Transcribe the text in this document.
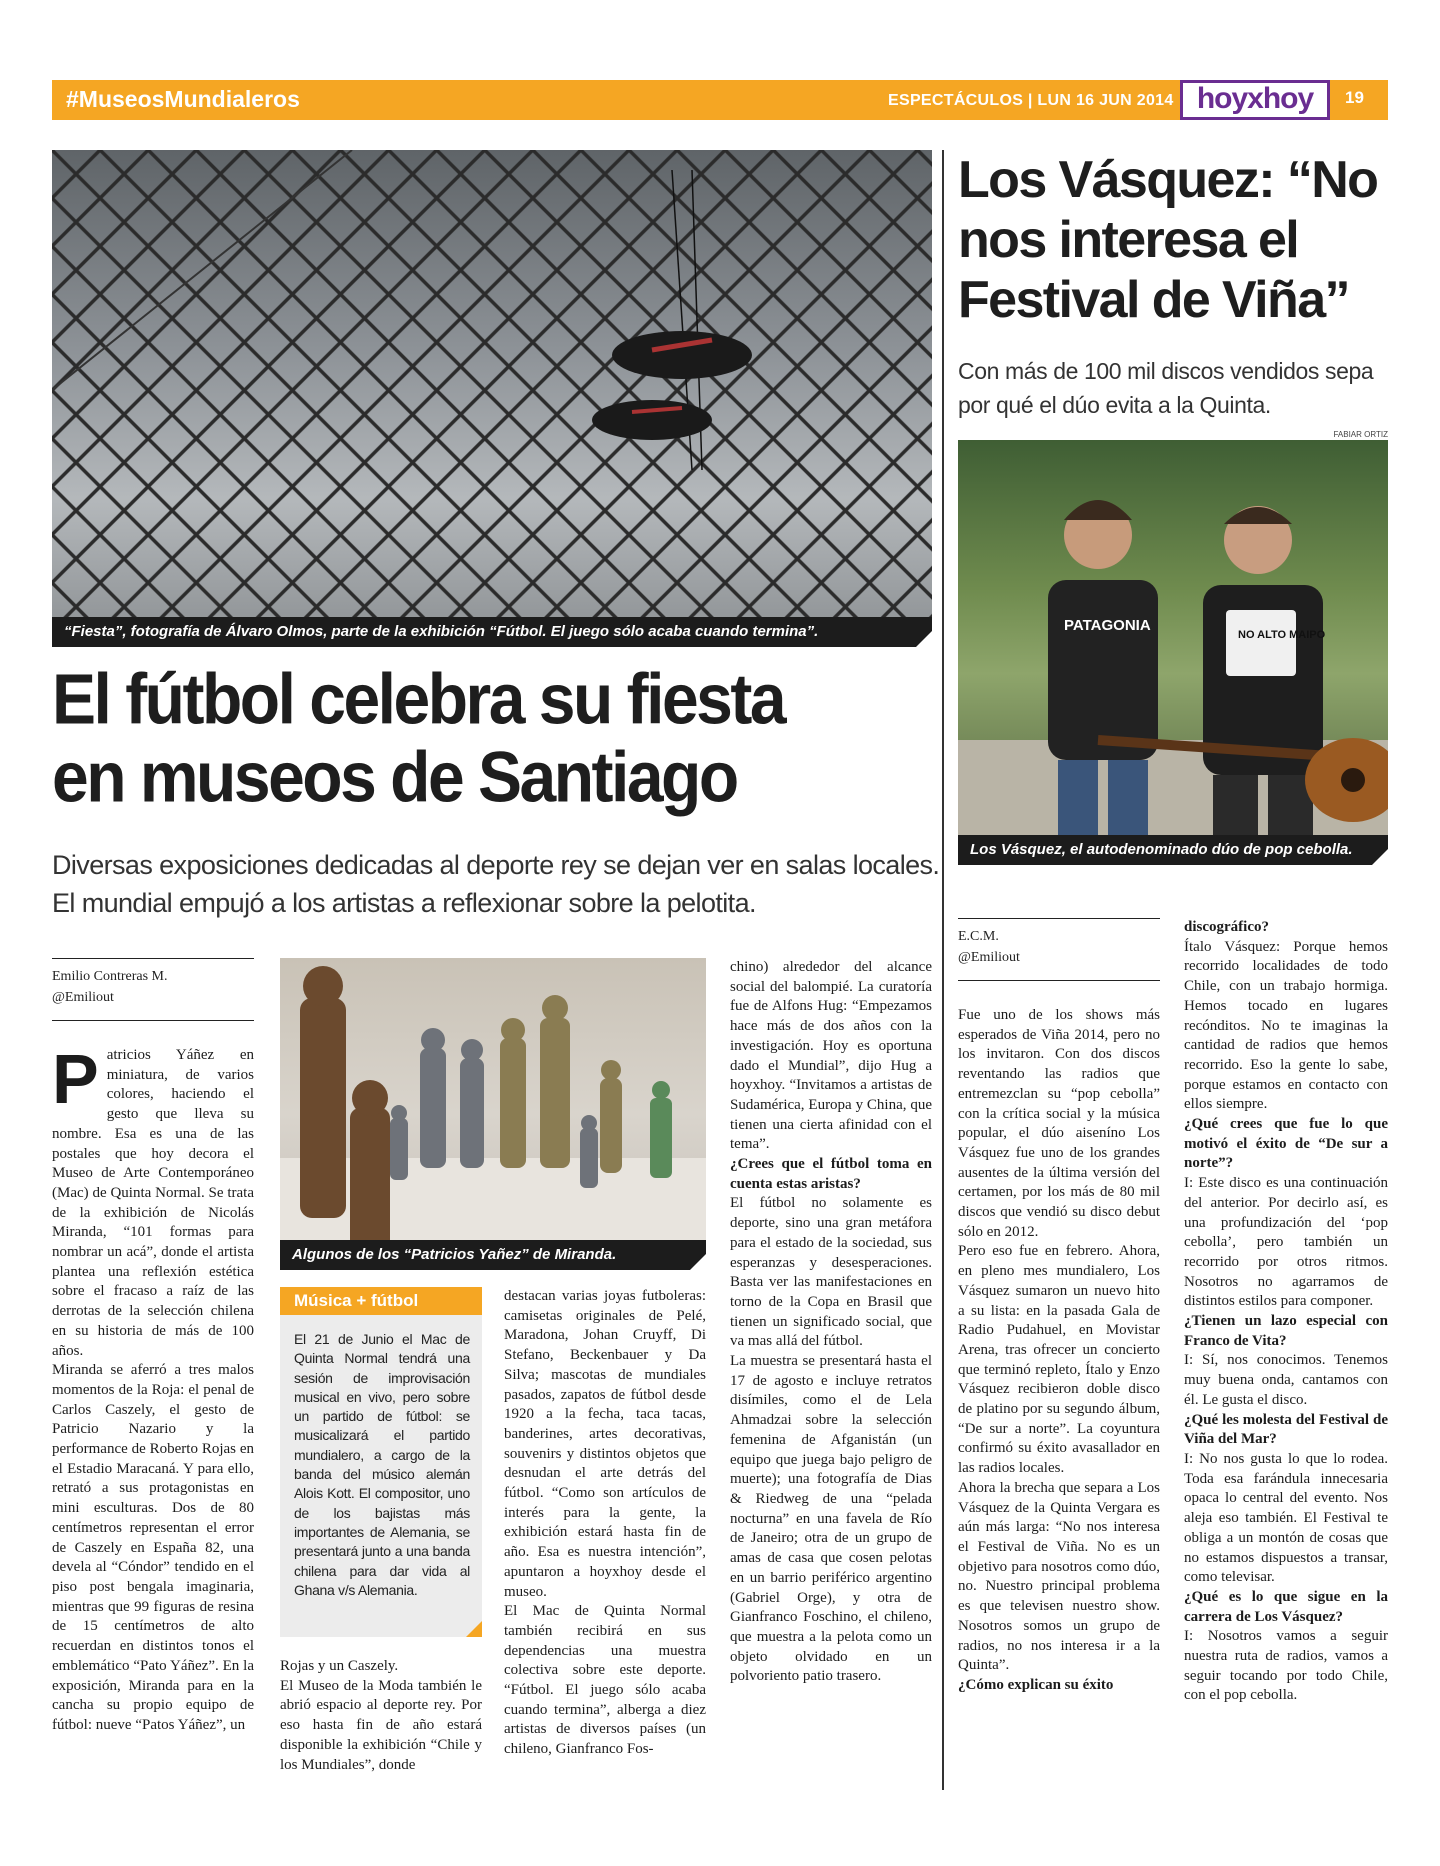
#MuseosMundialeros	ESPECTÁCULOS | LUN 16 JUN 2014 hoyxhoy	19
“Fiesta”, fotografía de Álvaro Olmos, parte de la exhibición “Fútbol. El juego sólo acaba cuando termina”.
El fútbol celebra su fiesta
en museos de Santiago
Diversas exposiciones dedicadas al deporte rey se dejan ver en salas locales. El mundial empujó a los artistas a reflexionar sobre la pelotita.
Emilio Contreras M.
@Emiliout
P atricios Yáñez en miniatura, de varios colores, haciendo el gesto que lleva su nombre. Esa es una de las postales que hoy decora el Museo de Arte Contemporáneo (Mac) de Quinta Normal. Se trata de la exhibición de Nicolás Miranda, “101 formas para nombrar un acá”, donde el artista plantea una reflexión estética sobre el fracaso a raíz de las derrotas de la selección chilena en su historia de más de 100 años.

Miranda se aferró a tres malos momentos de la Roja: el penal de Carlos Caszely, el gesto de Patricio Nazario y la performance de Roberto Rojas en el Estadio Maracaná. Y para ello, retrató a sus protagonistas en mini esculturas. Dos de 80 centímetros representan el error de Caszely en España 82, una devela al “Cóndor” tendido en el piso post bengala imaginaria, mientras que 99 figuras de resina de 15 centímetros de alto recuerdan en distintos tonos el emblemático “Pato Yáñez”. En la exposición, Miranda para en la cancha su propio equipo de fútbol: nueve “Patos Yáñez”, un

Algunos de los “Patricios Yañez” de Miranda.
Música + fútbol
El 21 de Junio el Mac de Quinta Normal tendrá una sesión de improvisación musical en vivo, pero sobre un partido de fútbol: se musicalizará el partido mundialero, a cargo de la banda del músico alemán Alois Kott. El compositor, uno de los bajistas más importantes de Alemania, se presentará junto a una banda chilena para dar vida al Ghana v/s Alemania.

Rojas y un Caszely.

El Museo de la Moda también le abrió espacio al deporte rey. Por eso hasta fin de año estará disponible la exhibición “Chile y los Mundiales”, donde

destacan varias joyas futboleras: camisetas originales de Pelé, Maradona, Johan Cruyff, Di Stefano, Beckenbauer y Da Silva; mascotas de mundiales pasados, zapatos de fútbol desde 1920 a la fecha, taca tacas, banderines, artes decorativas, souvenirs y distintos objetos que desnudan el arte detrás del fútbol. “Como son artículos de interés para la gente, la exhibición estará hasta fin de año. Esa es nuestra intención”, apuntaron a hoyxhoy desde el museo.

El Mac de Quinta Normal también recibirá en sus dependencias una muestra colectiva sobre este deporte. “Fútbol. El juego sólo acaba cuando termina”, alberga a diez artistas de diversos países (un chileno, Gianfranco Fos-

chino) alrededor del alcance social del balompié. La curatoría fue de Alfons Hug: “Empezamos hace más de dos años con la investigación. Hoy es oportuna dado el Mundial”, dijo Hug a hoyxhoy. “Invitamos a artistas de Sudamérica, Europa y China, que tienen una cierta afinidad con el tema”.

¿Crees que el fútbol toma en cuenta estas aristas?

El fútbol no solamente es deporte, sino una gran metáfora para el estado de la sociedad, sus esperanzas y desesperaciones. Basta ver las manifestaciones en torno de la Copa en Brasil que tienen un significado social, que va mas allá del fútbol.

La muestra se presentará hasta el 17 de agosto e incluye retratos disímiles, como el de Lela Ahmadzai sobre la selección femenina de Afganistán (un equipo que juega bajo peligro de muerte); una fotografía de Dias & Riedweg de una “pelada nocturna” en una favela de Río de Janeiro; otra de un grupo de amas de casa que cosen pelotas en un barrio periférico argentino (Gabriel Orge), y otra de Gianfranco Foschino, el chileno, que muestra a la pelota como un objeto olvidado en un polvoriento patio trasero.

Los Vásquez: “No nos interesa el Festival de Viña”
Con más de 100 mil discos vendidos sepa por qué el dúo evita a la Quinta.
FABIAR ORTIZ
PATAGONIA
NO ALTO MAIPO
Los Vásquez, el autodenominado dúo de pop cebolla.
E.C.M.
@Emiliout

Fue uno de los shows más esperados de Viña 2014, pero no los invitaron. Con dos discos reventando las radios que entremezclan su “pop cebolla” con la crítica social y la música popular, el dúo aiseníno Los Vásquez fue uno de los grandes ausentes de la última versión del certamen, por los más de 80 mil discos que vendió su disco debut sólo en 2012.

Pero eso fue en febrero. Ahora, en pleno mes mundialero, Los Vásquez sumaron un nuevo hito a su lista: en la pasada Gala de Radio Pudahuel, en Movistar Arena, tras ofrecer un concierto que terminó repleto, Ítalo y Enzo Vásquez recibieron doble disco de platino por su segundo álbum, “De sur a norte”. La coyuntura confirmó su éxito avasallador en las radios locales.

Ahora la brecha que separa a Los Vásquez de la Quinta Vergara es aún más larga: “No nos interesa el Festival de Viña. No es un objetivo para nosotros como dúo, no. Nuestro principal problema es que televisen nuestro show. Nosotros somos un grupo de radios, no nos interesa ir a la Quinta”.

¿Cómo explican su éxito

discográfico?

Ítalo Vásquez: Porque hemos recorrido localidades de todo Chile, con un trabajo hormiga. Hemos tocado en lugares recónditos. No te imaginas la cantidad de radios que hemos recorrido. Eso la gente lo sabe, porque estamos en contacto con ellos siempre.

¿Qué crees que fue lo que motivó el éxito de “De sur a norte”?

I: Este disco es una continuación del anterior. Por decirlo así, es una profundización del ‘pop cebolla’, pero también un recorrido por otros ritmos. Nosotros no agarramos de distintos estilos para componer.

¿Tienen un lazo especial con Franco de Vita?

I: Sí, nos conocimos. Tenemos muy buena onda, cantamos con él. Le gusta el disco.

¿Qué les molesta del Festival de Viña del Mar?

I: No nos gusta lo que lo rodea. Toda esa farándula innecesaria opaca lo central del evento. Nos aleja eso también. El Festival te obliga a un montón de cosas que no estamos dispuestos a transar, como televisar.

¿Qué es lo que sigue en la carrera de Los Vásquez?

I: Nosotros vamos a seguir nuestra ruta de radios, vamos a seguir tocando por todo Chile, con el pop cebolla.
